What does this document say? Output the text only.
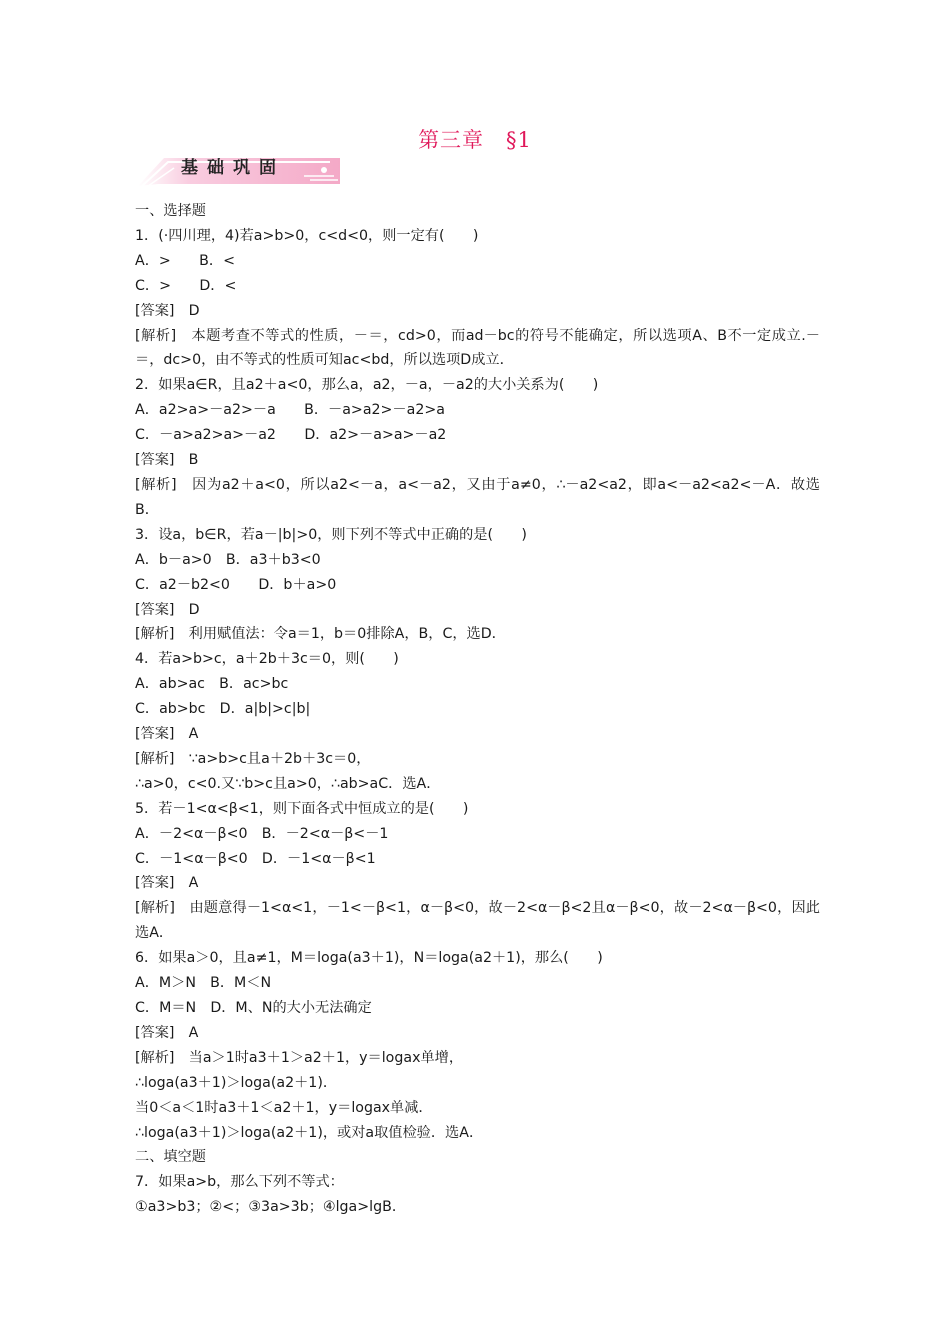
第三章　§1
基础巩固
一、选择题
1．(·四川理，4)若a>b>0，c<d<0，则一定有(　　)
A．>　　B．<
C．>　　D．<
[答案]　D
[解析]　本题考查不等式的性质，－＝，cd>0，而ad－bc的符号不能确定，所以选项A、B不一定成立.－＝，dc>0，由不等式的性质可知ac<bd，所以选项D成立．
2．如果a∈R，且a2＋a<0，那么a，a2，－a，－a2的大小关系为(　　)
A．a2>a>－a2>－a　　B．－a>a2>－a2>a
C．－a>a2>a>－a2　　D．a2>－a>a>－a2
[答案]　B
[解析]　因为a2＋a<0，所以a2<－a，a<－a2，又由于a≠0，∴－a2<a2，即a<－a2<a2<－A．故选B．
3．设a，b∈R，若a－|b|>0，则下列不等式中正确的是(　　)
A．b－a>0　B．a3＋b3<0
C．a2－b2<0　　D．b＋a>0
[答案]　D
[解析]　利用赋值法：令a＝1，b＝0排除A，B，C，选D．
4．若a>b>c，a＋2b＋3c＝0，则(　　)
A．ab>ac　B．ac>bc
C．ab>bc　D．a|b|>c|b|
[答案]　A
[解析]　∵a>b>c且a＋2b＋3c＝0，
∴a>0，c<0.又∵b>c且a>0，∴ab>aC．选A．
5．若－1<α<β<1，则下面各式中恒成立的是(　　)
A．－2<α－β<0　B．－2<α－β<－1
C．－1<α－β<0　D．－1<α－β<1
[答案]　A
[解析]　由题意得－1<α<1，－1<－β<1，α－β<0，故－2<α－β<2且α－β<0，故－2<α－β<0，因此选A．
6．如果a＞0，且a≠1，M＝loga(a3＋1)，N＝loga(a2＋1)，那么(　　)
A．M＞N　B．M＜N
C．M＝N　D．M、N的大小无法确定
[答案]　A
[解析]　当a＞1时a3＋1＞a2＋1，y＝logax单增，
∴loga(a3＋1)＞loga(a2＋1)．
当0＜a＜1时a3＋1＜a2＋1，y＝logax单减．
∴loga(a3＋1)＞loga(a2＋1)，或对a取值检验．选A．
二、填空题
7．如果a>b，那么下列不等式：
①a3>b3；②<；③3a>3b；④lga>lgB．
